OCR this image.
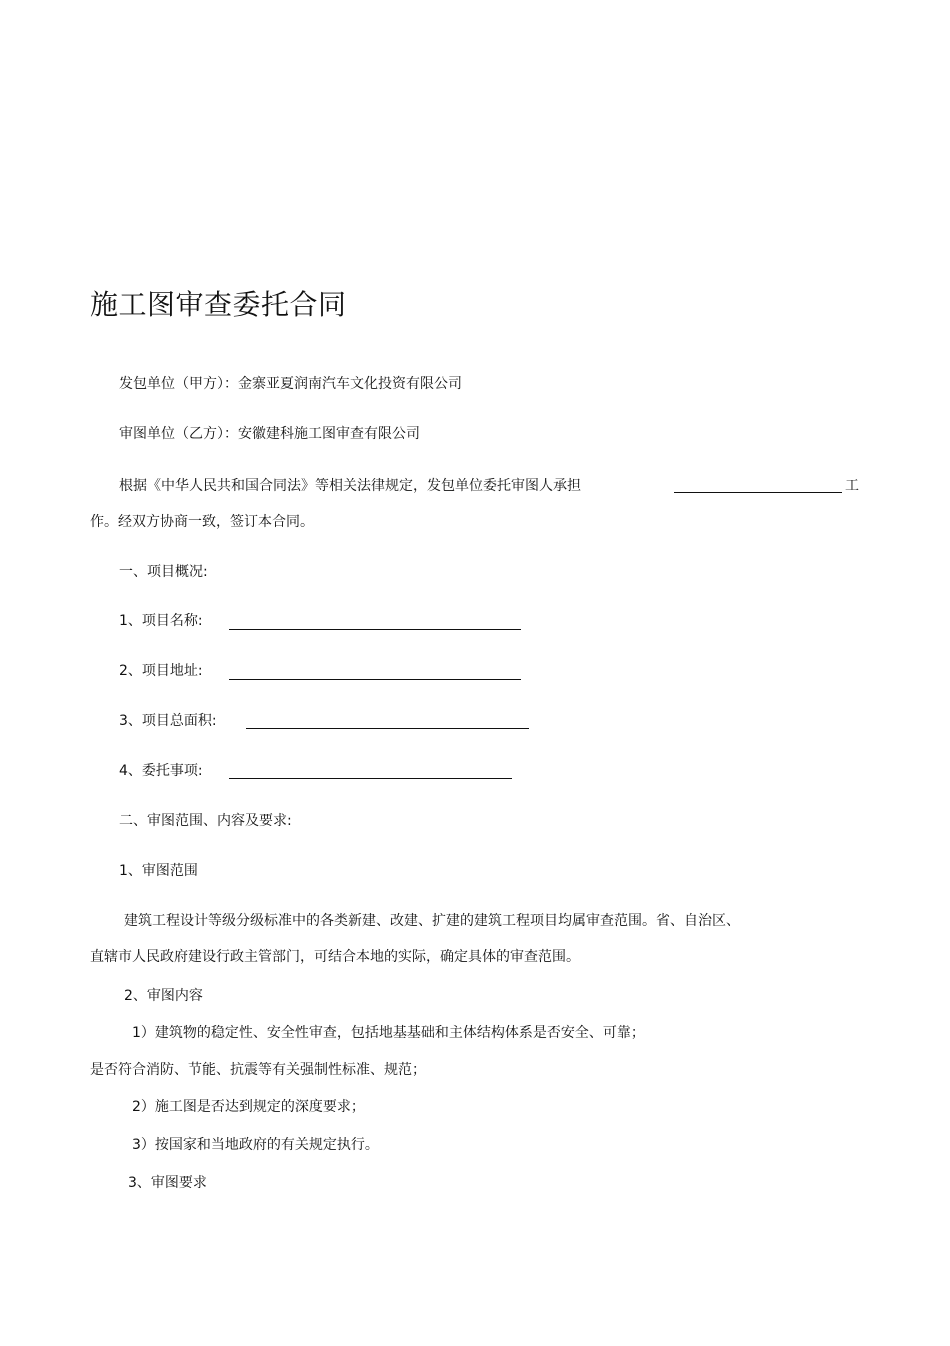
施工图审查委托合同
发包单位（甲方）：金寨亚夏润南汽车文化投资有限公司
审图单位（乙方）：安徽建科施工图审查有限公司
根据《中华人民共和国合同法》等相关法律规定，发包单位委托审图人承担	工
作。经双方协商一致，签订本合同。
一、项目概况:
1、项目名称:
2、项目地址:
3、项目总面积:
4、委托事项:
二、审图范围、内容及要求:
1、审图范围
建筑工程设计等级分级标准中的各类新建、改建、扩建的建筑工程项目均属审查范围。省、自治区、
直辖市人民政府建设行政主管部门，可结合本地的实际，确定具体的审查范围。
2、审图内容
1）建筑物的稳定性、安全性审查，包括地基基础和主体结构体系是否安全、可靠；
是否符合消防、节能、抗震等有关强制性标准、规范；
2）施工图是否达到规定的深度要求；
3）按国家和当地政府的有关规定执行。
3、审图要求
